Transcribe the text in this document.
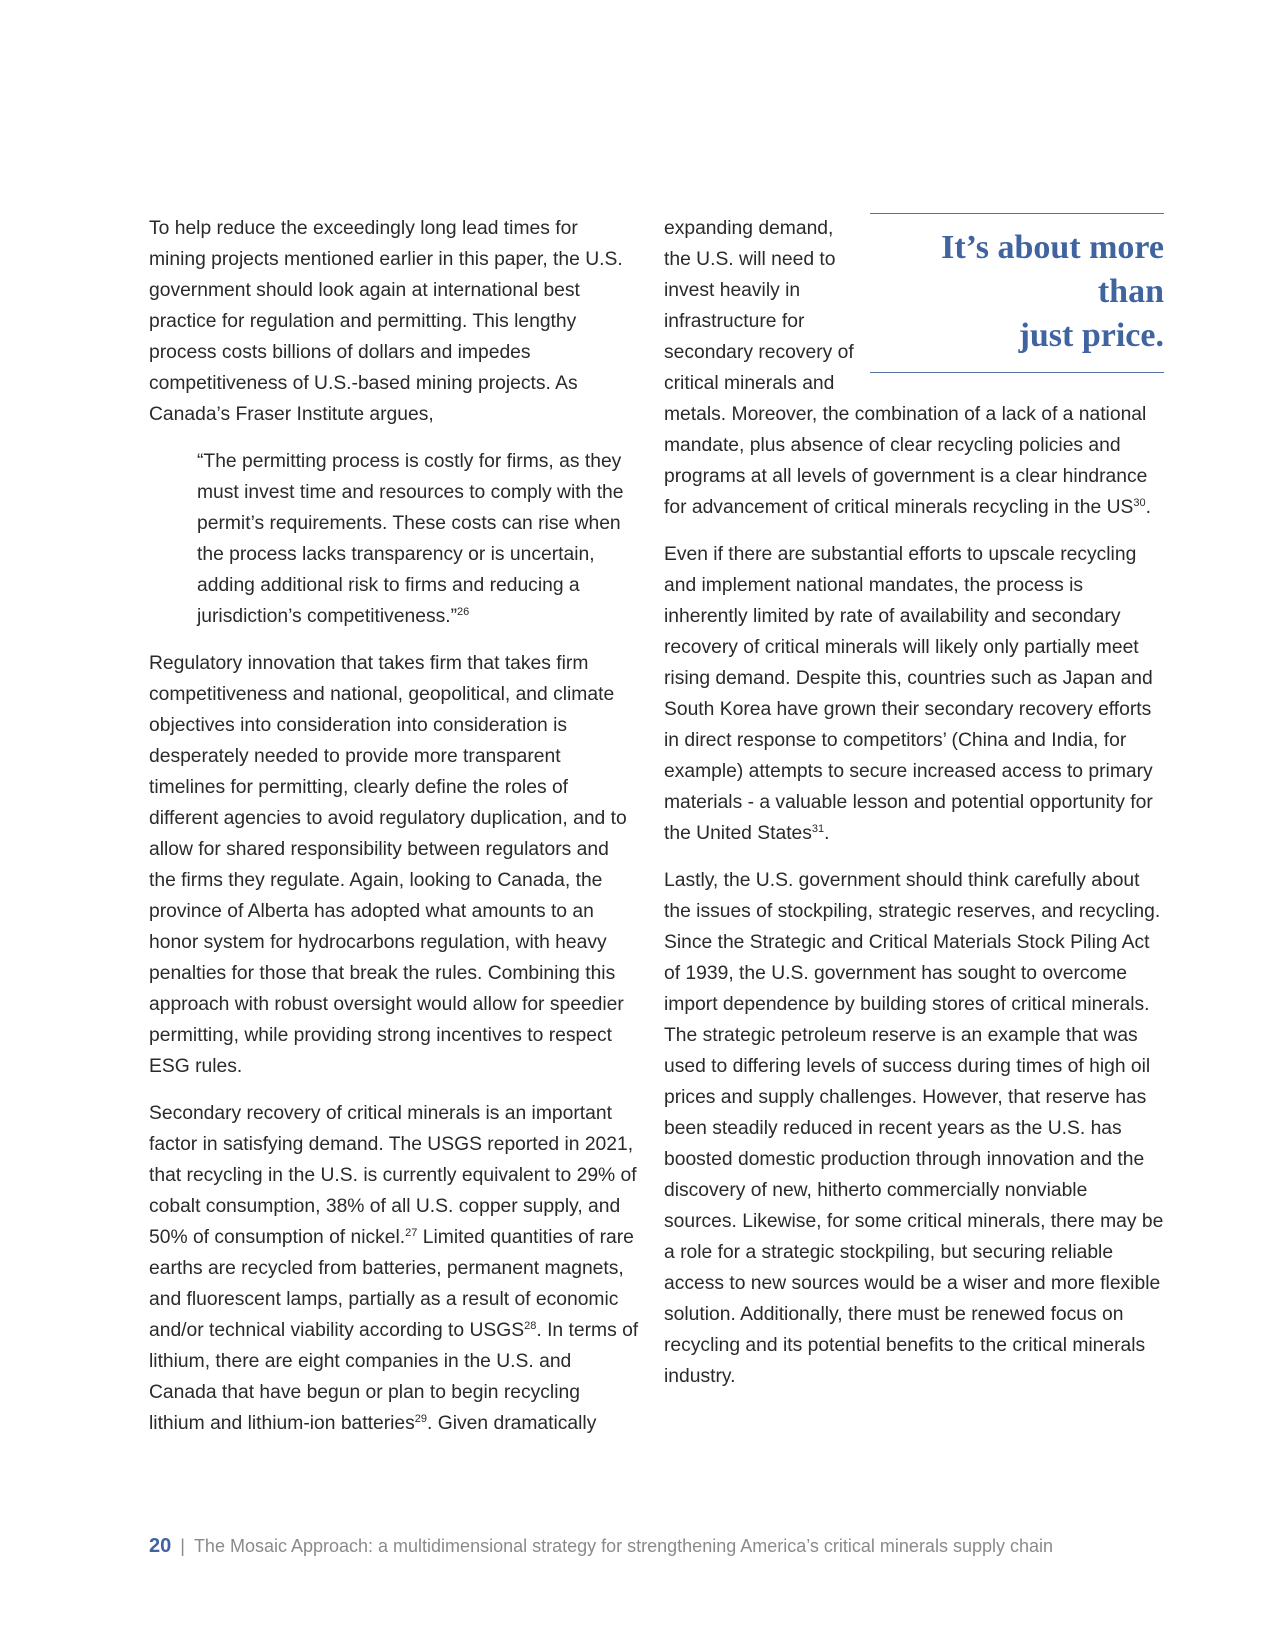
To help reduce the exceedingly long lead times for mining projects mentioned earlier in this paper, the U.S. government should look again at international best practice for regulation and permitting. This lengthy process costs billions of dollars and impedes competitiveness of U.S.-based mining projects. As Canada’s Fraser Institute argues,

“The permitting process is costly for firms, as they must invest time and resources to comply with the permit’s requirements. These costs can rise when the process lacks transparency or is uncertain, adding additional risk to firms and reducing a jurisdiction’s competitiveness.”$^{26}$

Regulatory innovation that takes firm that takes firm competitiveness and national, geopolitical, and climate objectives into consideration into consideration is desperately needed to provide more transparent timelines for permitting, clearly define the roles of different agencies to avoid regulatory duplication, and to allow for shared responsibility between regulators and the firms they regulate. Again, looking to Canada, the province of Alberta has adopted what amounts to an honor system for hydrocarbons regulation, with heavy penalties for those that break the rules. Combining this approach with robust oversight would allow for speedier permitting, while providing strong incentives to respect ESG rules.

Secondary recovery of critical minerals is an important factor in satisfying demand. The USGS reported in 2021, that recycling in the U.S. is currently equivalent to 29% of cobalt consumption, 38% of all U.S. copper supply, and 50% of consumption of nickel.$^{27}$ Limited quantities of rare earths are recycled from batteries, permanent magnets, and fluorescent lamps, partially as a result of economic and/or technical viability according to USGS$^{28}$. In terms of lithium, there are eight companies in the U.S. and Canada that have begun or plan to begin recycling lithium and lithium-ion batteries$^{29}$. Given dramatically

It’s about more than
just price.

expanding demand, the U.S. will need to invest heavily in infrastructure for secondary recovery of critical minerals and metals. Moreover, the combination of a lack of a national mandate, plus absence of clear recycling policies and programs at all levels of government is a clear hindrance for advancement of critical minerals recycling in the US$^{30}$.

Even if there are substantial efforts to upscale recycling and implement national mandates, the process is inherently limited by rate of availability and secondary recovery of critical minerals will likely only partially meet rising demand. Despite this, countries such as Japan and South Korea have grown their secondary recovery efforts in direct response to competitors’ (China and India, for example) attempts to secure increased access to primary materials - a valuable lesson and potential opportunity for the United States$^{31}$.

Lastly, the U.S. government should think carefully about the issues of stockpiling, strategic reserves, and recycling. Since the Strategic and Critical Materials Stock Piling Act of 1939, the U.S. government has sought to overcome import dependence by building stores of critical minerals. The strategic petroleum reserve is an example that was used to differing levels of success during times of high oil prices and supply challenges. However, that reserve has been steadily reduced in recent years as the U.S. has boosted domestic production through innovation and the discovery of new, hitherto commercially nonviable sources. Likewise, for some critical minerals, there may be a role for a strategic stockpiling, but securing reliable access to new sources would be a wiser and more flexible solution. Additionally, there must be renewed focus on recycling and its potential benefits to the critical minerals industry.

20 | The Mosaic Approach: a multidimensional strategy for strengthening America’s critical minerals supply chain
